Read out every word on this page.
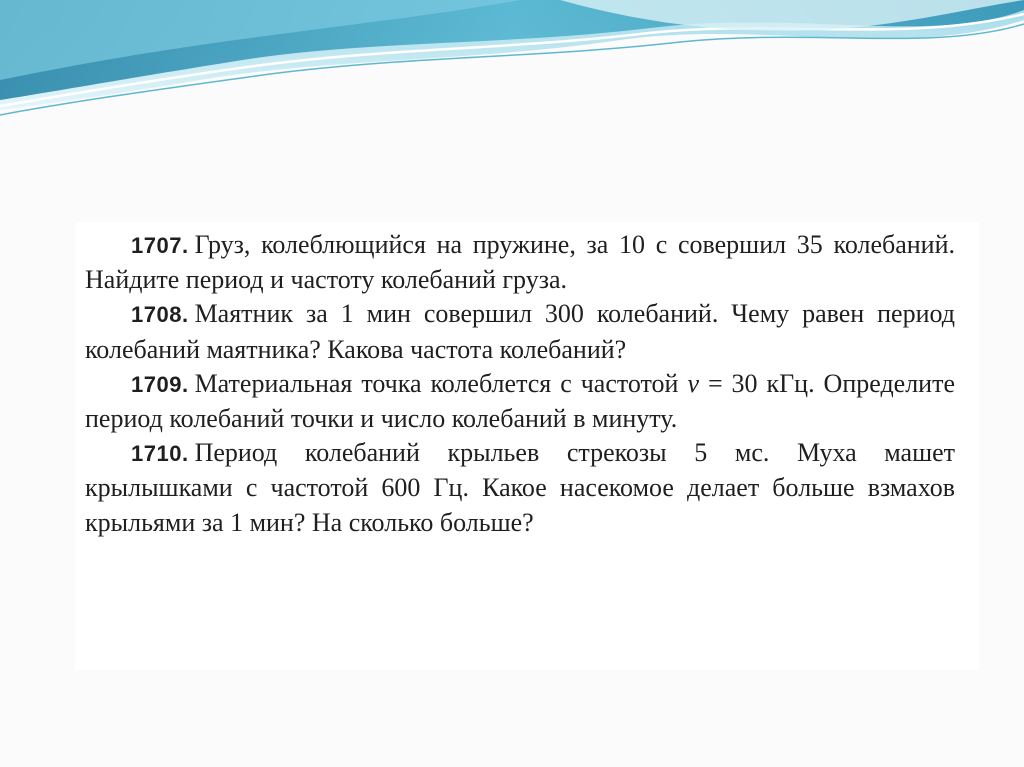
1707. Груз, колеблющийся на пружине, за 10 с совершил 35 колебаний. Найдите период и частоту колебаний груза.

1708. Маятник за 1 мин совершил 300 колебаний. Чему равен период колебаний маятника? Какова частота колебаний?

1709. Материальная точка колеблется с частотой ν = 30 кГц. Определите период колебаний точки и число колебаний в минуту.

1710. Период колебаний крыльев стрекозы 5 мс. Муха машет крылышками с частотой 600 Гц. Какое насекомое делает больше взмахов крыльями за 1 мин? На сколько больше?
